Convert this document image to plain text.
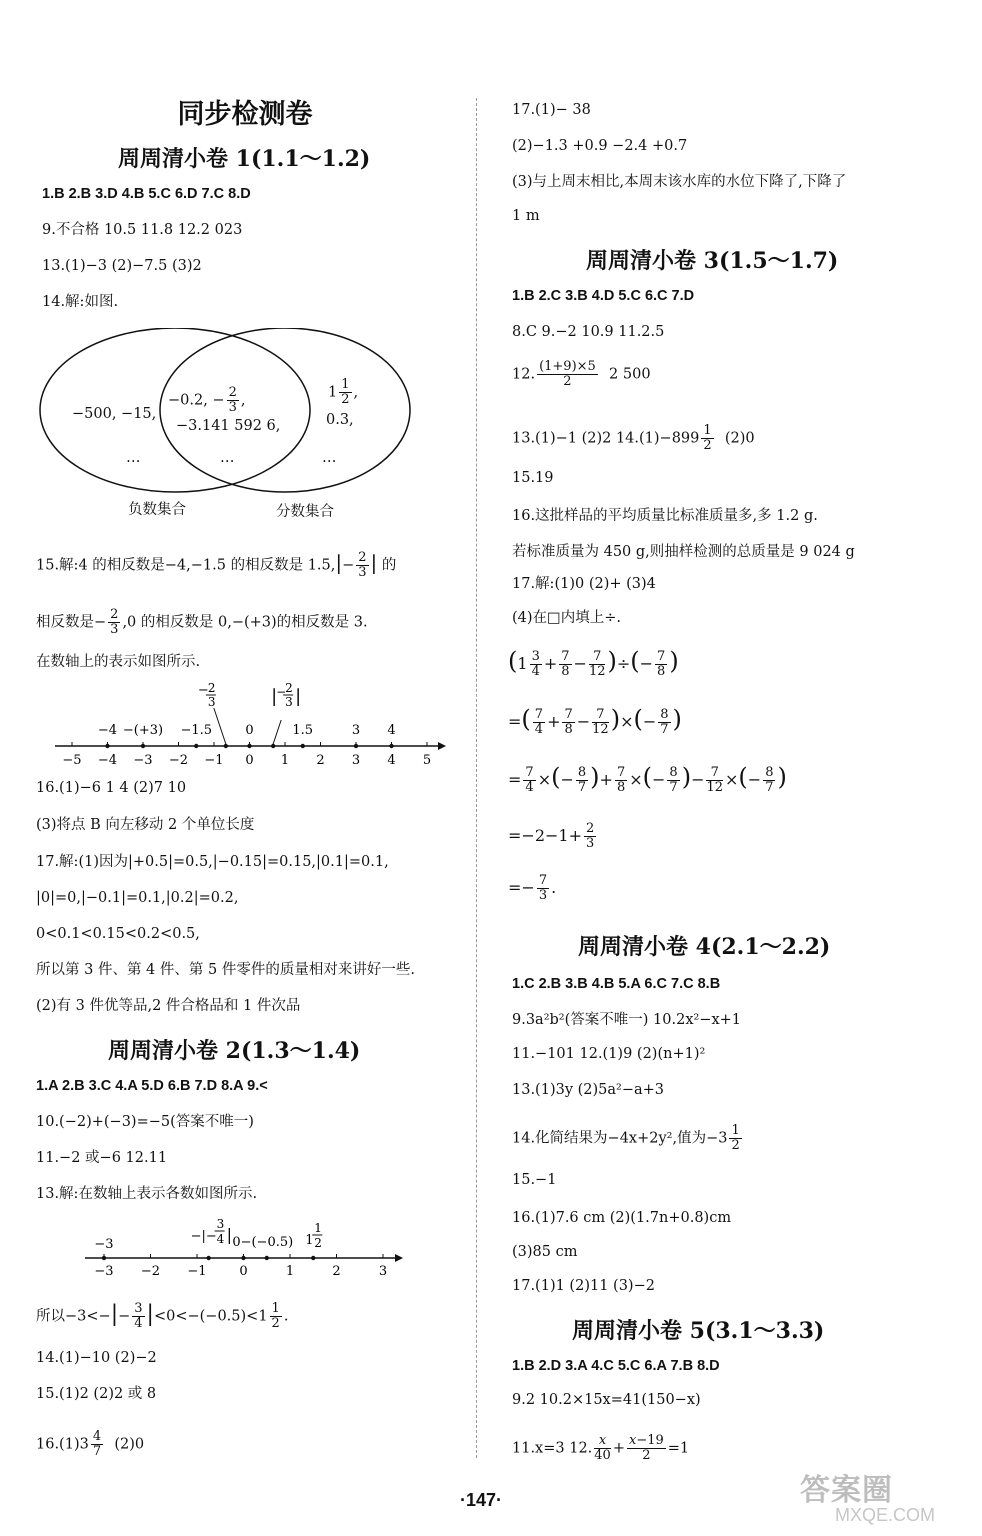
同步检测卷
周周清小卷 1(1.1～1.2)
1.B 2.B 3.D 4.B 5.C 6.D 7.C 8.D
9.不合格 10.5 11.8 12.2 023
13.(1)−3 (2)−7.5 (3)2
14.解:如图.
−500, −15,
…
−0.2, − $\frac{2}{3}$ ,
−3.141 592 6,
…
$1 \frac{1}{2}$ ,
0.3,
…
负数集合	分数集合
15.解:4 的相反数是−4,−1.5 的相反数是 $1.5,|- \frac{2}{3}$ | 的
相反数是− $\frac{2}{3} ,0$ 的相反数是 0,−(+3)的相反数是 3.
在数轴上的表示如图所示.
−5 −4 −3 −2 −1 0 1 2 3 4 5
−4 −(+3) −1.5	0	1.5	3 4
− 2
3	|
−
2
3 |
16.(1)−6 1 4 (2)7 10
(3)将点 B 向左移动 2 个单位长度
17.解:(1)因为|+0.5|=0.5,|−0.15|=0.15,|0.1|=0.1,
|0|=0,|−0.1|=0.1,|0.2|=0.2,
0<0.1<0.15<0.2<0.5,
所以第 3 件、第 4 件、第 5 件零件的质量相对来讲好一些.
(2)有 3 件优等品,2 件合格品和 1 件次品
周周清小卷 2(1.3～1.4)
1.A 2.B 3.C 4.A 5.D 6.B 7.D 8.A 9.<
10.(−2)+(−3)=−5(答案不唯一)
11.−2 或−6 12.11
13.解:在数轴上表示各数如图所示.
−3 −2 −1	0	1	2	3
−3
−|−
3
4 | 0−(−0.5) 1
1
2
所以$-3<-|- \frac{3}{4} |<0<-(-0.5)<1 \frac{1}{2}$ .
14.(1)−10 (2)−2
15.(1)2 (2)2 或 8
$16.(1)3 \frac{4}{7} (2)0$
17.(1)− 38
(2)−1.3 +0.9 −2.4 +0.7
(3)与上周末相比,本周末该水库的水位下降了,下降了
1 m
周周清小卷 3(1.5～1.7)
1.B 2.C 3.B 4.D 5.C 6.C 7.D
8.C 9.−2 10.9 11.2.5
12. $\frac{(1+9)\times 5}{2} 2$ 500
13.(1)−1 (2)2 $14.(1)-899 \frac{1}{2} (2)0$
15.19
16.这批样品的平均质量比标准质量多,多 1.2 g.
若标准质量为 450 g,则抽样检测的总质量是 9 024 g
17.解:(1)0 (2)+ (3)4
(4)在□内填上÷.
($1 \frac{3}{4} + \frac{7}{8} - \frac{7}{12}$ )÷(− $\frac{7}{8}$ )
=( $\frac{7}{4} + \frac{7}{8} - \frac{7}{12}$ )×(− $\frac{8}{7}$ )
= $\frac{7}{4}$ ×(− $\frac{8}{7}$ )+ $\frac{7}{8}$ ×(− $\frac{8}{7}$ )− $\frac{7}{12}$ ×(− $\frac{8}{7}$ )
$=-2-1+ \frac{2}{3}$
=− $\frac{7}{3}$ .
周周清小卷 4(2.1～2.2)
1.C 2.B 3.B 4.B 5.A 6.C 7.C 8.B
9.3a²b²(答案不唯一) 10.2x²−x+1
11.−101 12.(1)9 (2)(n+1)²
13.(1)3y (2)5a²−a+3
14.化简结果为−4x+2y²,值为$-3 \frac{1}{2}$
15.−1
16.(1)7.6 cm (2)(1.7n+0.8)cm
(3)85 cm
17.(1)1 (2)11 (3)−2
周周清小卷 5(3.1～3.3)
1.B 2.D 3.A 4.C 5.C 6.A 7.B 8.D
9.2 10.2×15x=41(150−x)
11.x=3 12. $\frac{x}{40} + \frac{x-19}{2} =1$
·147·	答案圈
MXQE.COM
